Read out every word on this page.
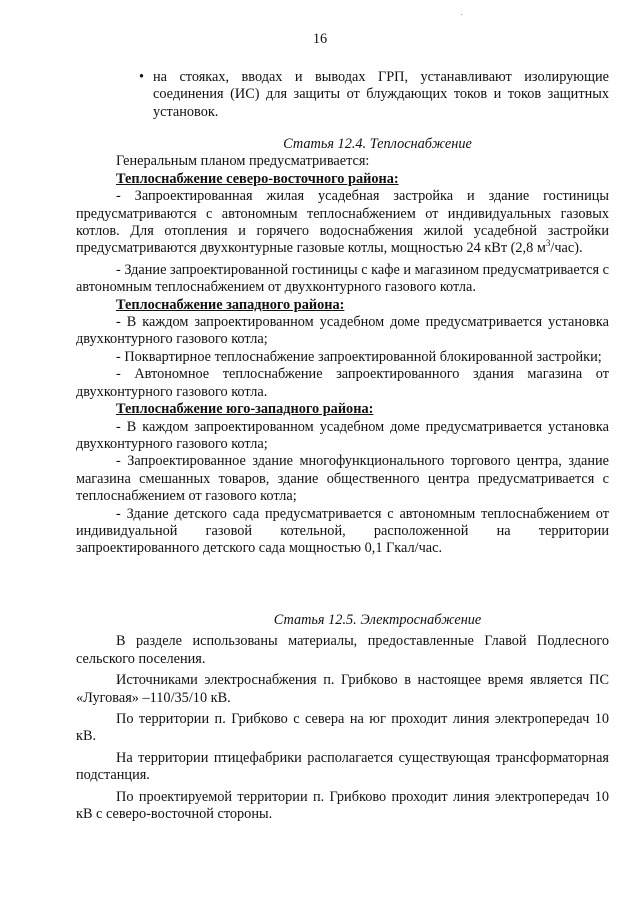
16
• на стояках, вводах и выводах ГРП, устанавливают изолирующие соединения (ИС) для защиты от блуждающих токов и токов защитных установок.

Статья 12.4. Теплоснабжение

Генеральным планом предусматривается:

Теплоснабжение северо-восточного района:

- Запроектированная жилая усадебная застройка и здание гостиницы предусматриваются с автономным теплоснабжением от индивидуальных газовых котлов. Для отопления и горячего водоснабжения жилой усадебной застройки предусматриваются двухконтурные газовые котлы, мощностью 24 кВт (2,8 $м^3/час$).

- Здание запроектированной гостиницы с кафе и магазином предусматривается с автономным теплоснабжением от двухконтурного газового котла.

Теплоснабжение западного района:

- В каждом запроектированном усадебном доме предусматривается установка двухконтурного газового котла;

- Поквартирное теплоснабжение запроектированной блокированной застройки;

- Автономное теплоснабжение запроектированного здания магазина от двухконтурного газового котла.

Теплоснабжение юго-западного района:

- В каждом запроектированном усадебном доме предусматривается установка двухконтурного газового котла;

- Запроектированное здание многофункционального торгового центра, здание магазина смешанных товаров, здание общественного центра предусматривается с теплоснабжением от газового котла;

- Здание детского сада предусматривается с автономным теплоснабжением от индивидуальной газовой котельной, расположенной на территории запроектированного детского сада мощностью 0,1 Гкал/час.

Статья 12.5. Электроснабжение

В разделе использованы материалы, предоставленные Главой Подлесного сельского поселения.

Источниками электроснабжения п. Грибково в настоящее время является ПС «Луговая» –110/35/10 кВ.

По территории п. Грибково с севера на юг проходит линия электропередач 10 кВ.

На территории птицефабрики располагается существующая трансформаторная подстанция.

По проектируемой территории п. Грибково проходит линия электропередач 10 кВ с северо-восточной стороны.
